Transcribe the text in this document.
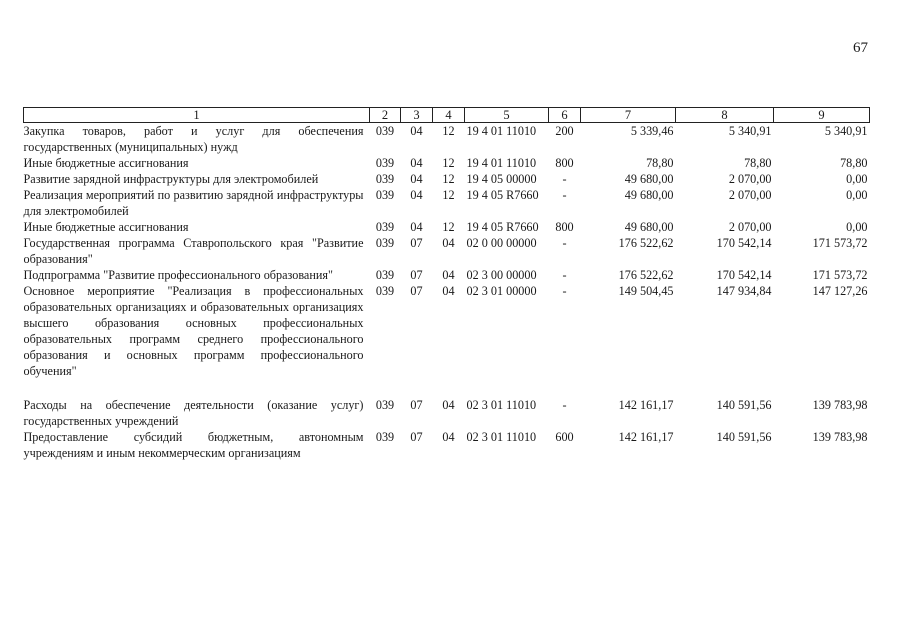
67
1	2	3	4	5	6	7	8	9
Закупка товаров, работ и услуг для обеспечения государственных (муниципальных) нужд	039	04	12	19 4 01 11010	200	5 339,46	5 340,91	5 340,91
Иные бюджетные ассигнования	039	04	12	19 4 01 11010	800	78,80	78,80	78,80
Развитие зарядной инфраструктуры для электромобилей	039	04	12	19 4 05 00000	-	49 680,00	2 070,00	0,00
Реализация мероприятий по развитию зарядной инфраструктуры для электромобилей	039	04	12	19 4 05 R7660	-	49 680,00	2 070,00	0,00
Иные бюджетные ассигнования	039	04	12	19 4 05 R7660	800	49 680,00	2 070,00	0,00
Государственная программа Ставропольского края "Развитие образования"	039	07	04	02 0 00 00000	-	176 522,62	170 542,14	171 573,72
Подпрограмма "Развитие профессионального образования"	039	07	04	02 3 00 00000	-	176 522,62	170 542,14	171 573,72
Основное мероприятие "Реализация в профессиональных образовательных организациях и образовательных организациях высшего образования основных профессиональных образовательных программ среднего профессионального образования и основных программ профессионального обучения"	039	07	04	02 3 01 00000	-	149 504,45	147 934,84	147 127,26

Расходы на обеспечение деятельности (оказание услуг) государственных учреждений	039	07	04	02 3 01 11010	-	142 161,17	140 591,56	139 783,98
Предоставление субсидий бюджетным, автономным учреждениям и иным некоммерческим организациям	039	07	04	02 3 01 11010	600	142 161,17	140 591,56	139 783,98
